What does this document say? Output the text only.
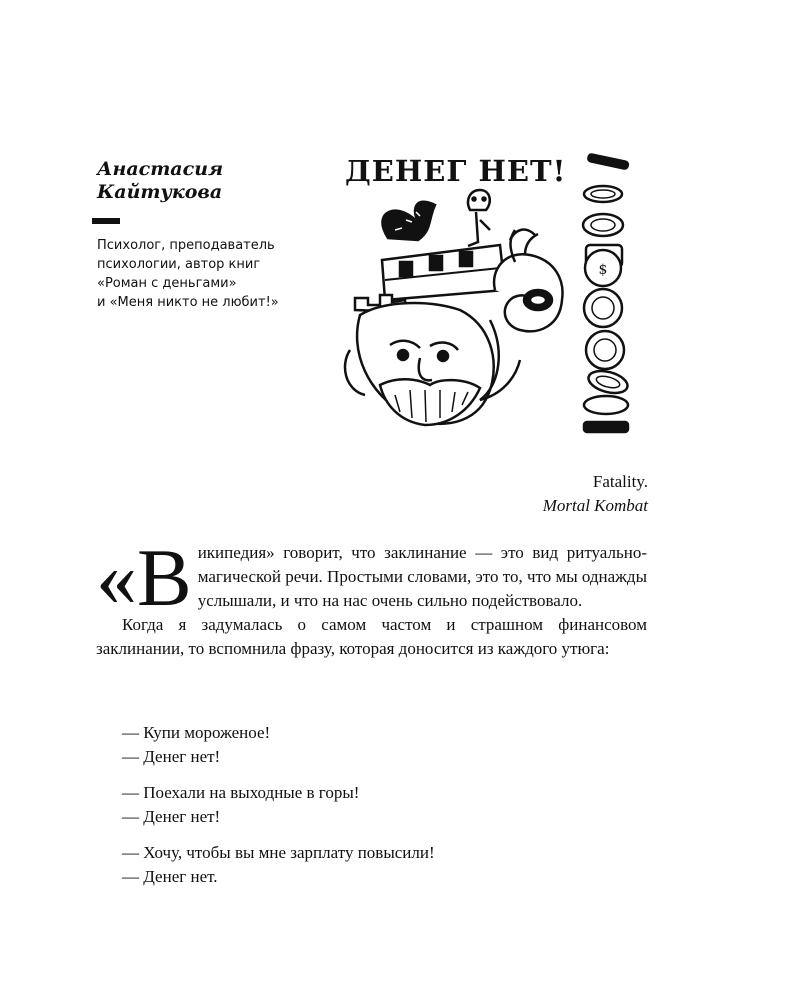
Анастасия
Кайтукова
Психолог, преподаватель
психологии, автор книг
«Роман с деньгами»
и «Меня никто не любит!»
$
ДЕНЕГ НЕТ!
Fatality.
Mortal Kombat

«Википедия» говорит, что заклинание — это вид ритуально-магической речи. Простыми словами, это то, что мы однажды услышали, и что на нас очень сильно подействовало.

Когда я задумалась о самом частом и страшном финансовом заклинании, то вспомнила фразу, которая доносится из каждого утюга:

— Купи мороженое!
— Денег нет!
— Поехали на выходные в горы!
— Денег нет!
— Хочу, чтобы вы мне зарплату повысили!
— Денег нет.
